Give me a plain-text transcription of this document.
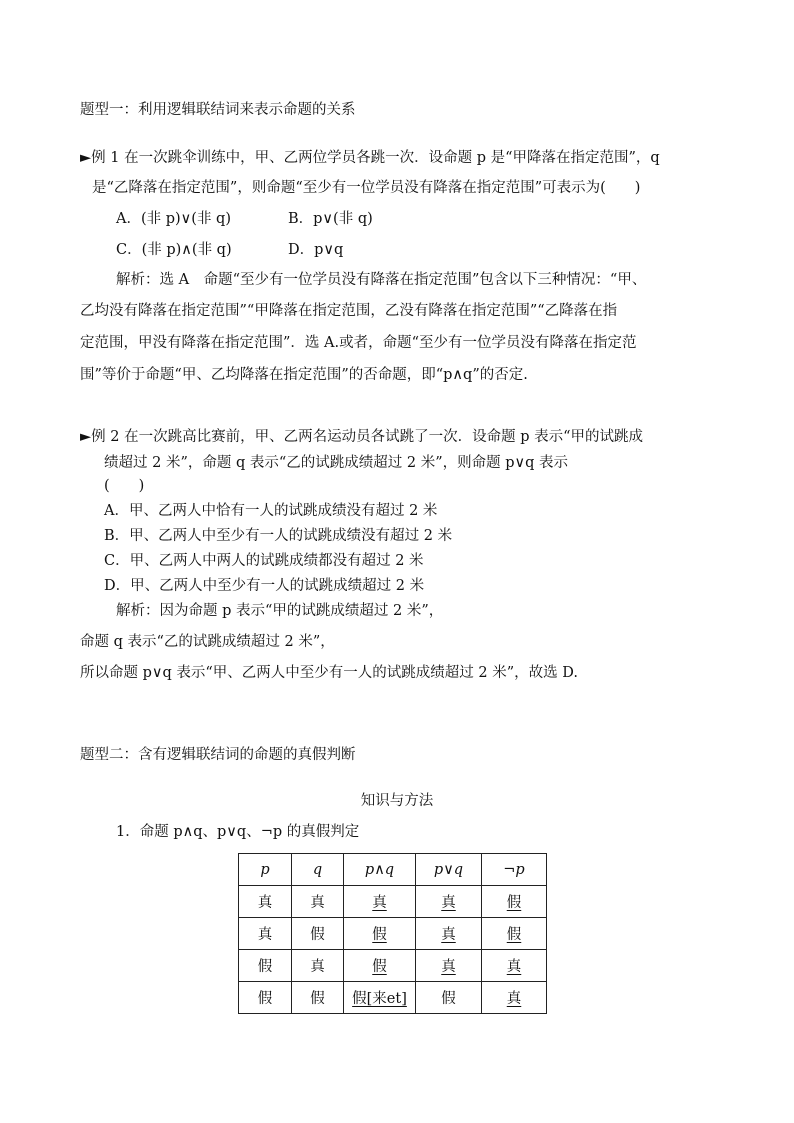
题型一：利用逻辑联结词来表示命题的关系
►例 1 在一次跳伞训练中，甲、乙两位学员各跳一次．设命题 p 是“甲降落在指定范围”，q
是“乙降落在指定范围”，则命题“至少有一位学员没有降落在指定范围”可表示为(　　)
A．(非 p)∨(非 q)	B．p∨(非 q)
C．(非 p)∧(非 q)	D．p∨q
解析：选 A　命题“至少有一位学员没有降落在指定范围”包含以下三种情况：“甲、
乙均没有降落在指定范围”“甲降落在指定范围，乙没有降落在指定范围”“乙降落在指
定范围，甲没有降落在指定范围”．选 A.或者，命题“至少有一位学员没有降落在指定范
围”等价于命题“甲、乙均降落在指定范围”的否命题，即“p∧q”的否定.
►例 2 在一次跳高比赛前，甲、乙两名运动员各试跳了一次．设命题 p 表示“甲的试跳成
绩超过 2 米”，命题 q 表示“乙的试跳成绩超过 2 米”，则命题 p∨q 表示
(　　)
A．甲、乙两人中恰有一人的试跳成绩没有超过 2 米
B．甲、乙两人中至少有一人的试跳成绩没有超过 2 米
C．甲、乙两人中两人的试跳成绩都没有超过 2 米
D．甲、乙两人中至少有一人的试跳成绩超过 2 米
解析：因为命题 p 表示“甲的试跳成绩超过 2 米”，
命题 q 表示“乙的试跳成绩超过 2 米”，
所以命题 p∨q 表示“甲、乙两人中至少有一人的试跳成绩超过 2 米”，故选 D.
题型二：含有逻辑联结词的命题的真假判断
知识与方法
1．命题 p∧q、p∨q、¬p 的真假判定
p	q	p∧q	p∨q	¬p
真	真	真	真	假
真	假	假	真	假
假	真	假	真	真
假	假	假[来et]	假	真
